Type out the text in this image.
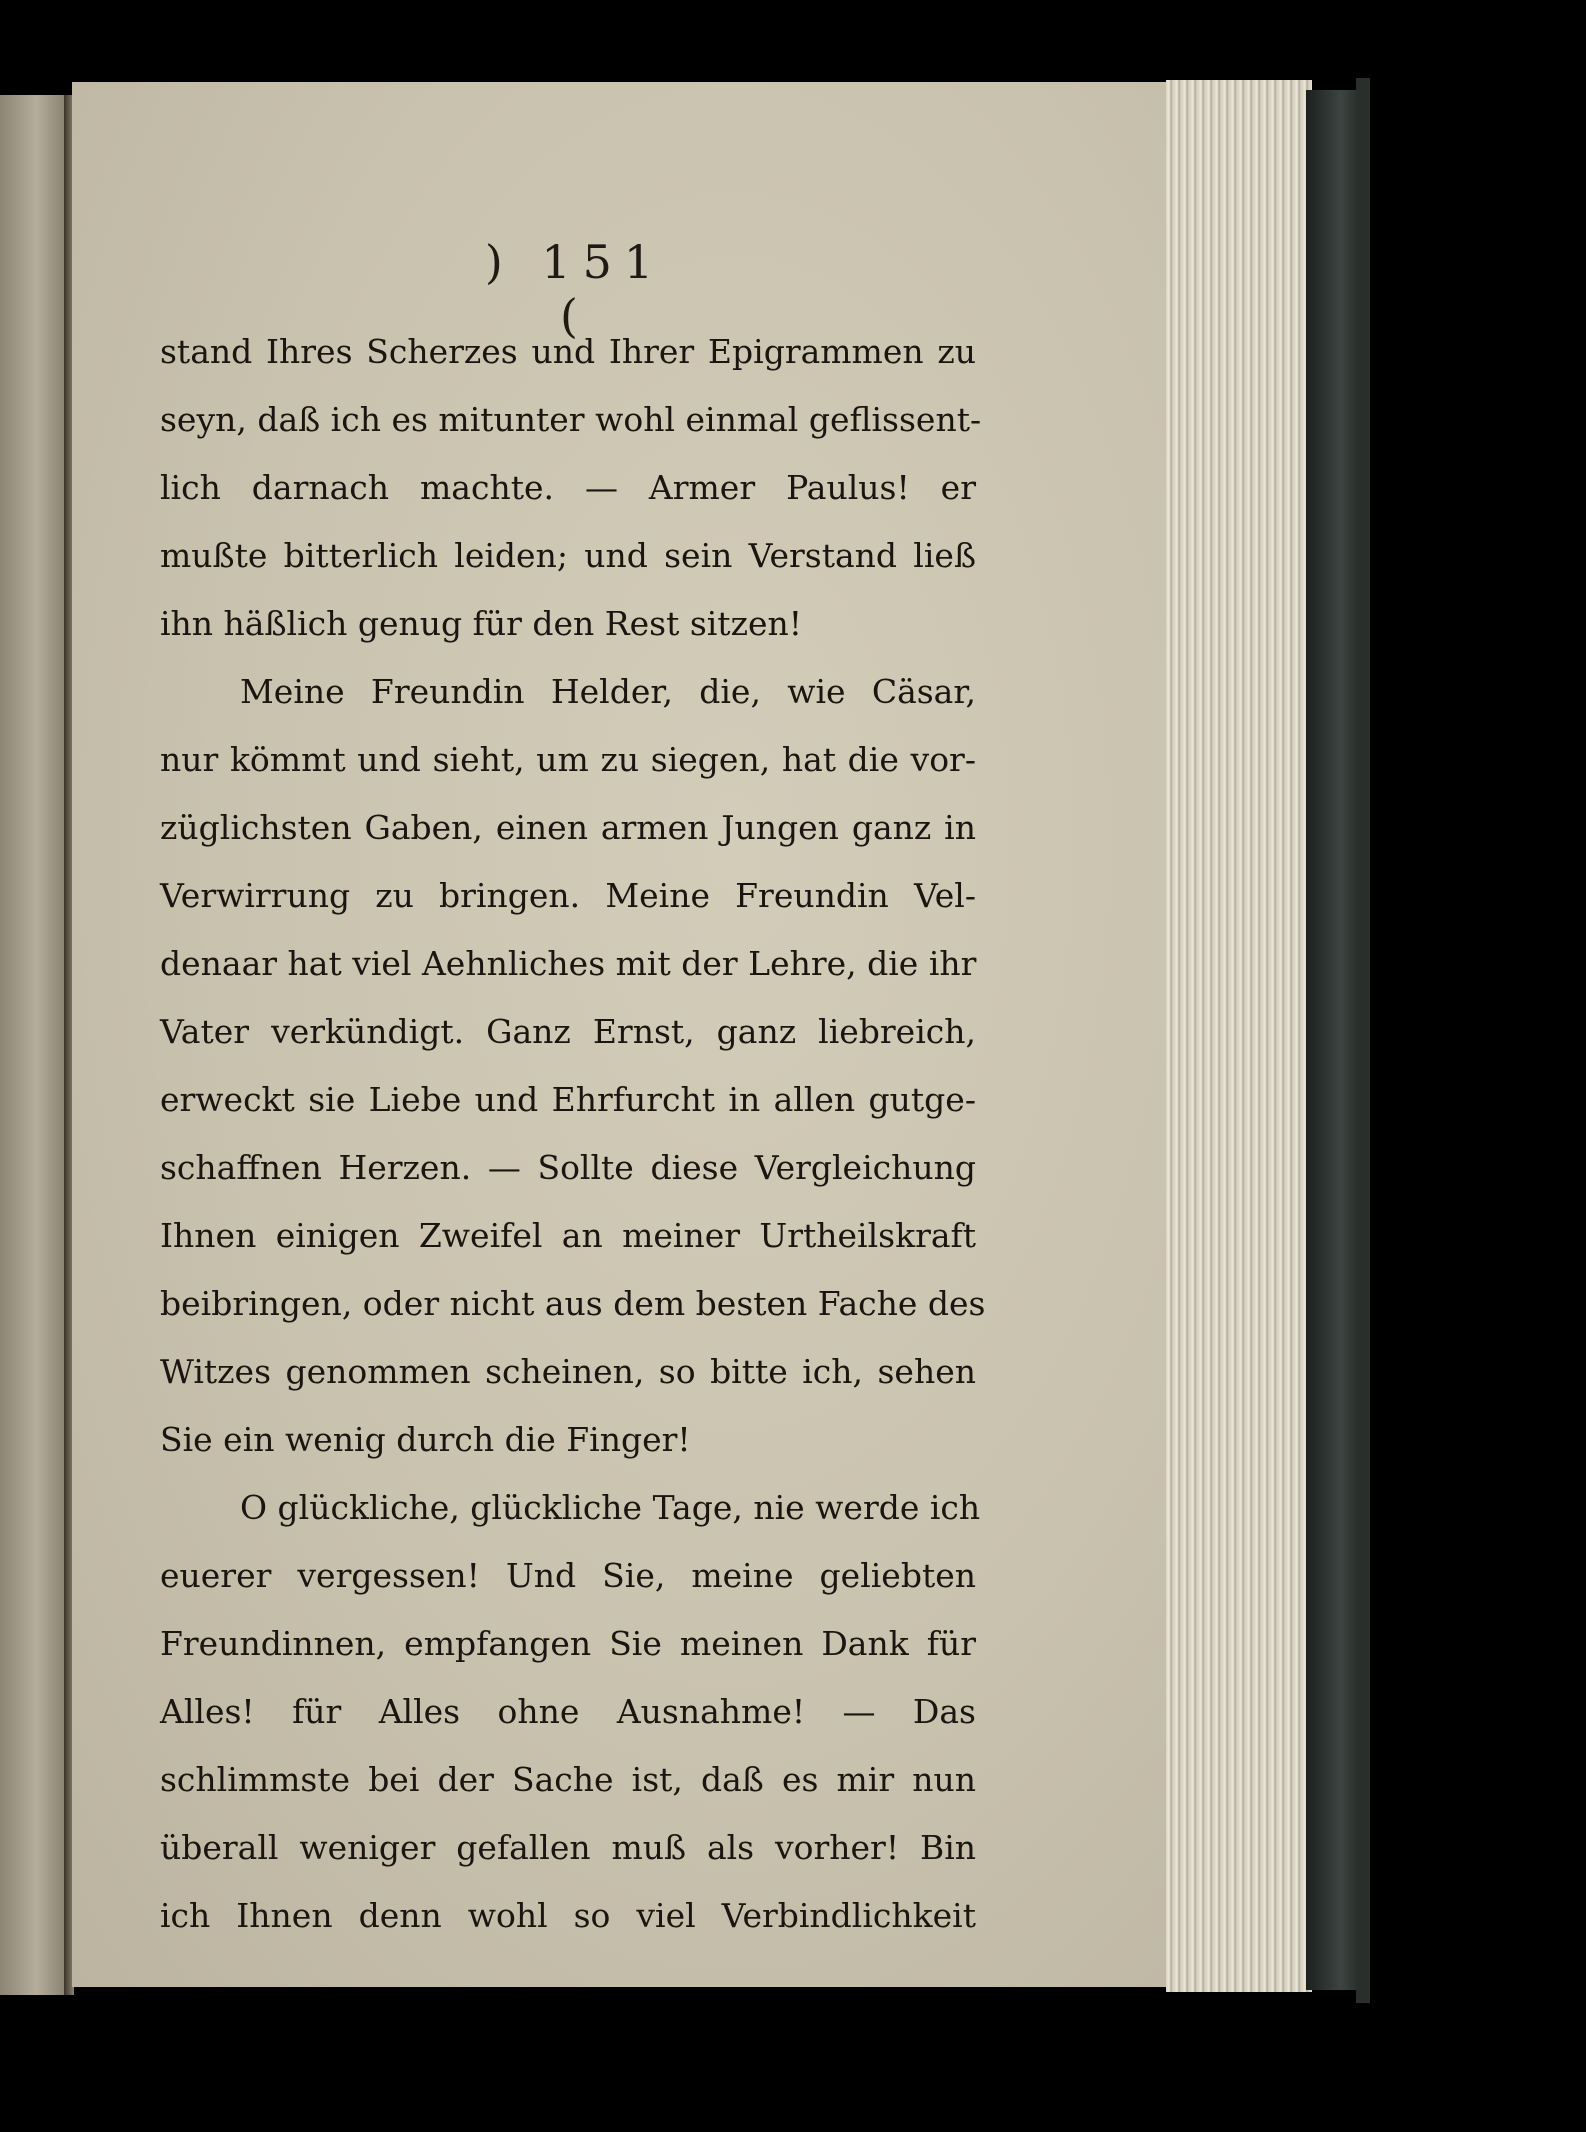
) 151 (
stand Ihres Scherzes und Ihrer Epigrammen zu
seyn, daß ich es mitunter wohl einmal geflissent-
lich darnach machte. — Armer Paulus! er
mußte bitterlich leiden; und sein Verstand ließ
ihn häßlich genug für den Rest sitzen!
Meine Freundin Helder, die, wie Cäsar,
nur kömmt und sieht, um zu siegen, hat die vor-
züglichsten Gaben, einen armen Jungen ganz in
Verwirrung zu bringen. Meine Freundin Vel-
denaar hat viel Aehnliches mit der Lehre, die ihr
Vater verkündigt. Ganz Ernst, ganz liebreich,
erweckt sie Liebe und Ehrfurcht in allen gutge-
schaffnen Herzen. — Sollte diese Vergleichung
Ihnen einigen Zweifel an meiner Urtheilskraft
beibringen, oder nicht aus dem besten Fache des
Witzes genommen scheinen, so bitte ich, sehen
Sie ein wenig durch die Finger!
O glückliche, glückliche Tage, nie werde ich
euerer vergessen! Und Sie, meine geliebten
Freundinnen, empfangen Sie meinen Dank für
Alles! für Alles ohne Ausnahme! — Das
schlimmste bei der Sache ist, daß es mir nun
überall weniger gefallen muß als vorher! Bin
ich Ihnen denn wohl so viel Verbindlichkeit
